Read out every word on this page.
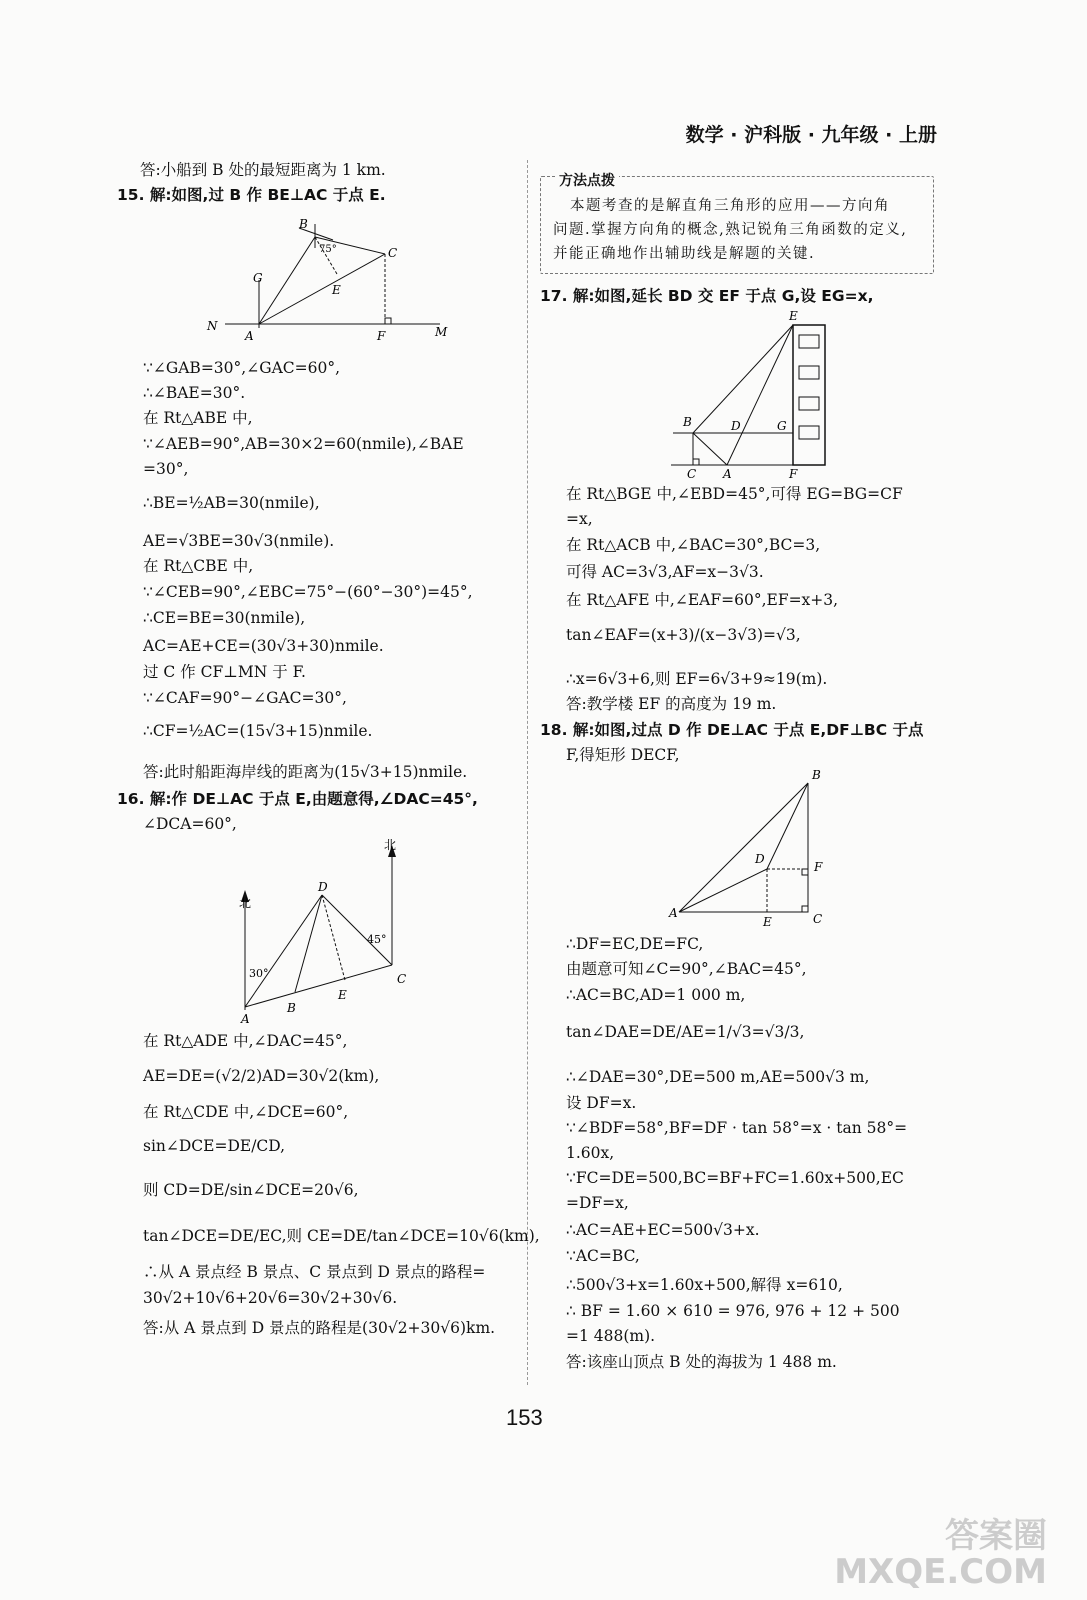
数学 · 沪科版 · 九年级 · 上册
答:小船到 B 处的最短距离为 1 km.
15. 解:如图,过 B 作 BE⊥AC 于点 E.
B
C
G
E
N
A	F	M
75°
∵∠GAB=30°,∠GAC=60°,
∴∠BAE=30°.
在 Rt△ABE 中,
∵∠AEB=90°,AB=30×2=60(nmile),∠BAE
=30°,
∴BE=½AB=30(nmile),
AE=√3BE=30√3(nmile).
在 Rt△CBE 中,
∵∠CEB=90°,∠EBC=75°−(60°−30°)=45°,
∴CE=BE=30(nmile),
AC=AE+CE=(30√3+30)nmile.
过 C 作 CF⊥MN 于 F.
∵∠CAF=90°−∠GAC=30°,
∴CF=½AC=(15√3+15)nmile.
答:此时船距海岸线的距离为(15√3+15)nmile.
16. 解:作 DE⊥AC 于点 E,由题意得,∠DAC=45°,
∠DCA=60°,
北
北
D
A
B
E
C
30°
45°
在 Rt△ADE 中,∠DAC=45°,
AE=DE=(√2/2)AD=30√2(km),
在 Rt△CDE 中,∠DCE=60°,
sin∠DCE=DE/CD,
则 CD=DE/sin∠DCE=20√6,
tan∠DCE=DE/EC,则 CE=DE/tan∠DCE=10√6(km),
∴从 A 景点经 B 景点、C 景点到 D 景点的路程=
30√2+10√6+20√6=30√2+30√6.
答:从 A 景点到 D 景点的路程是(30√2+30√6)km.
方法点拨
本题考查的是解直角三角形的应用——方向角
问题.掌握方向角的概念,熟记锐角三角函数的定义,
并能正确地作出辅助线是解题的关键.
17. 解:如图,延长 BD 交 EF 于点 G,设 EG=x,
E
B	D	G
C A	F
在 Rt△BGE 中,∠EBD=45°,可得 EG=BG=CF
=x,
在 Rt△ACB 中,∠BAC=30°,BC=3,
可得 AC=3√3,AF=x−3√3.
在 Rt△AFE 中,∠EAF=60°,EF=x+3,
tan∠EAF=(x+3)/(x−3√3)=√3,
∴x=6√3+6,则 EF=6√3+9≈19(m).
答:教学楼 EF 的高度为 19 m.
18. 解:如图,过点 D 作 DE⊥AC 于点 E,DF⊥BC 于点
F,得矩形 DECF,
B
D
F
A
E	C
∴DF=EC,DE=FC,
由题意可知∠C=90°,∠BAC=45°,
∴AC=BC,AD=1 000 m,
tan∠DAE=DE/AE=1/√3=√3/3,
∴∠DAE=30°,DE=500 m,AE=500√3 m,
设 DF=x.
∵∠BDF=58°,BF=DF · tan 58°=x · tan 58°=
1.60x,
∵FC=DE=500,BC=BF+FC=1.60x+500,EC
=DF=x,
∴AC=AE+EC=500√3+x.
∵AC=BC,
∴500√3+x=1.60x+500,解得 x=610,
∴ BF = 1.60 × 610 = 976, 976 + 12 + 500
=1 488(m).
答:该座山顶点 B 处的海拔为 1 488 m.
153
答案圈
MXQE.COM
